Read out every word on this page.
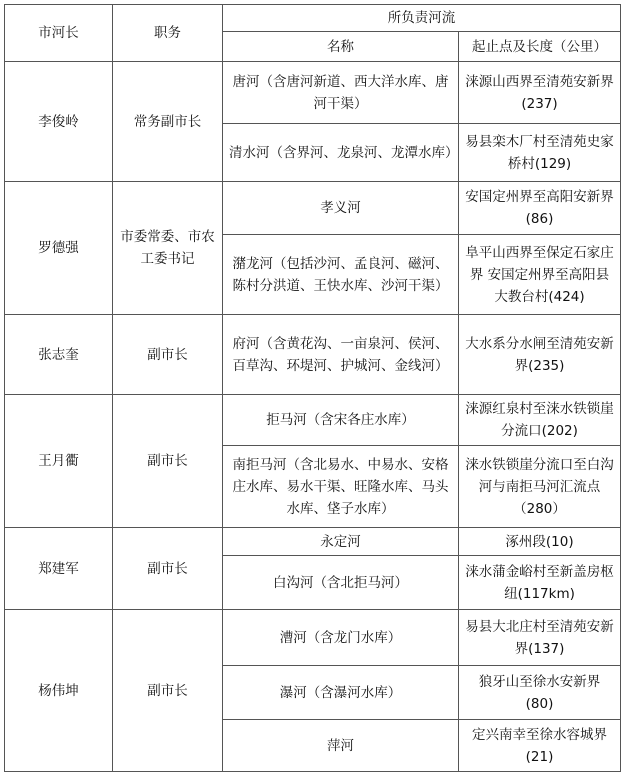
市河长	职务	所负责河流	
		名称	起止点及长度（公里）
李俊岭	常务副市长	唐河（含唐河新道、西大洋水库、唐河干渠）	涞源山西界至清苑安新界(237)
		清水河（含界河、龙泉河、龙潭水库）	易县栾木厂村至清苑史家桥村(129)
罗德强	市委常委、市农工委书记	孝义河	安国定州界至高阳安新界(86)
		潴龙河（包括沙河、孟良河、磁河、陈村分洪道、王快水库、沙河干渠）	阜平山西界至保定石家庄界 安国定州界至高阳县大教台村(424)
张志奎	副市长	府河（含黄花沟、一亩泉河、侯河、百草沟、环堤河、护城河、金线河）	大水系分水闸至清苑安新界(235)
王月衢	副市长	拒马河（含宋各庄水库）	涞源红泉村至涞水铁锁崖分流口(202)
		南拒马河（含北易水、中易水、安格庄水库、易水干渠、旺隆水库、马头水库、垡子水库）	涞水铁锁崖分流口至白沟河与南拒马河汇流点（280）
郑建军	副市长	永定河	涿州段(10)
		白沟河（含北拒马河）	涞水蒲金峪村至新盖房枢纽(117km)
杨伟坤	副市长	漕河（含龙门水库）	易县大北庄村至清苑安新界(137)
		瀑河（含瀑河水库）	狼牙山至徐水安新界(80)
		萍河	定兴南幸至徐水容城界(21)
